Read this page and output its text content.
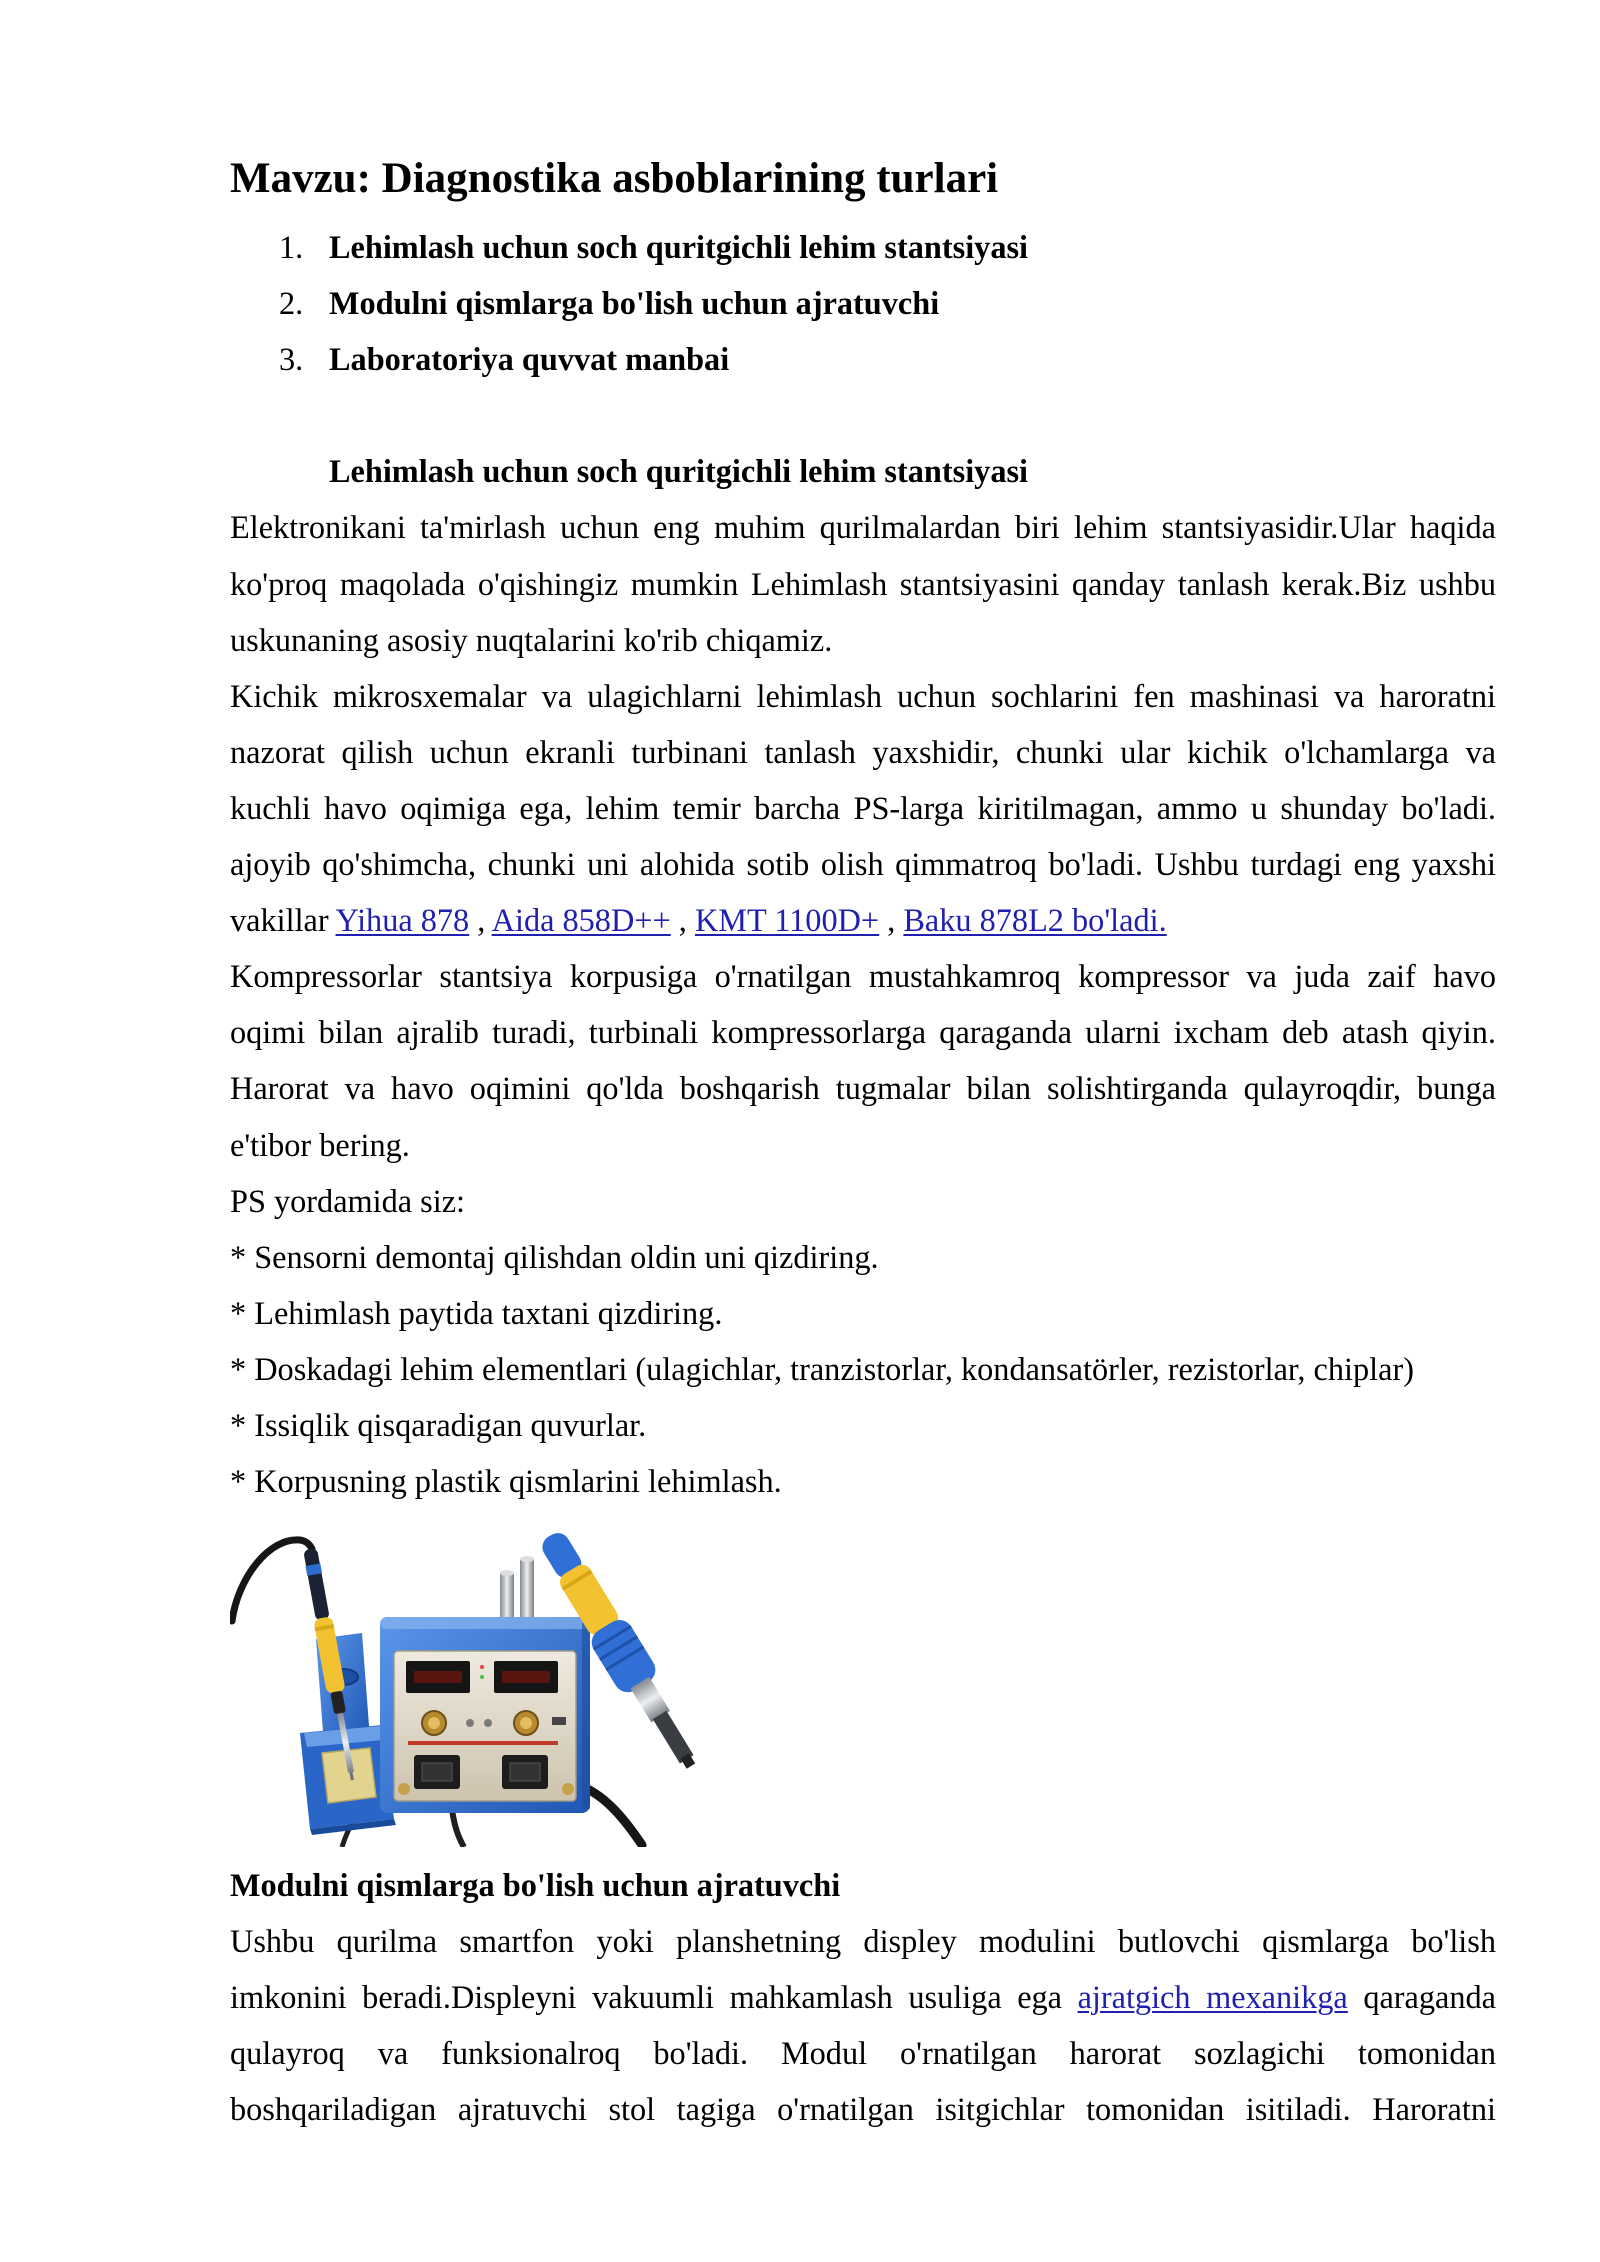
Mavzu: Diagnostika asboblarining turlari
1. Lehimlash uchun soch quritgichli lehim stantsiyasi
2. Modulni qismlarga bo'lish uchun ajratuvchi
3. Laboratoriya quvvat manbai
Lehimlash uchun soch quritgichli lehim stantsiyasi
Elektronikani ta'mirlash uchun eng muhim qurilmalardan biri lehim stantsiyasidir.Ular haqida
ko'proq maqolada o'qishingiz mumkin Lehimlash stantsiyasini qanday tanlash kerak.Biz ushbu
uskunaning asosiy nuqtalarini ko'rib chiqamiz.
Kichik mikrosxemalar va ulagichlarni lehimlash uchun sochlarini fen mashinasi va haroratni
nazorat qilish uchun ekranli turbinani tanlash yaxshidir, chunki ular kichik o'lchamlarga va
kuchli havo oqimiga ega, lehim temir barcha PS-larga kiritilmagan, ammo u shunday bo'ladi.
ajoyib qo'shimcha, chunki uni alohida sotib olish qimmatroq bo'ladi. Ushbu turdagi eng yaxshi
vakillar Yihua 878 , Aida 858D++ , KMT 1100D+ , Baku 878L2 bo'ladi.
Kompressorlar stantsiya korpusiga o'rnatilgan mustahkamroq kompressor va juda zaif havo
oqimi bilan ajralib turadi, turbinali kompressorlarga qaraganda ularni ixcham deb atash qiyin.
Harorat va havo oqimini qo'lda boshqarish tugmalar bilan solishtirganda qulayroqdir, bunga
e'tibor bering.
PS yordamida siz:
* Sensorni demontaj qilishdan oldin uni qizdiring.
* Lehimlash paytida taxtani qizdiring.
* Doskadagi lehim elementlari (ulagichlar, tranzistorlar, kondansatörler, rezistorlar, chiplar)
* Issiqlik qisqaradigan quvurlar.
* Korpusning plastik qismlarini lehimlash.
Modulni qismlarga bo'lish uchun ajratuvchi
Ushbu qurilma smartfon yoki planshetning displey modulini butlovchi qismlarga bo'lish
imkonini beradi.Displeyni vakuumli mahkamlash usuliga ega ajratgich mexanikga qaraganda
qulayroq va funksionalroq bo'ladi. Modul o'rnatilgan harorat sozlagichi tomonidan
boshqariladigan ajratuvchi stol tagiga o'rnatilgan isitgichlar tomonidan isitiladi. Haroratni
